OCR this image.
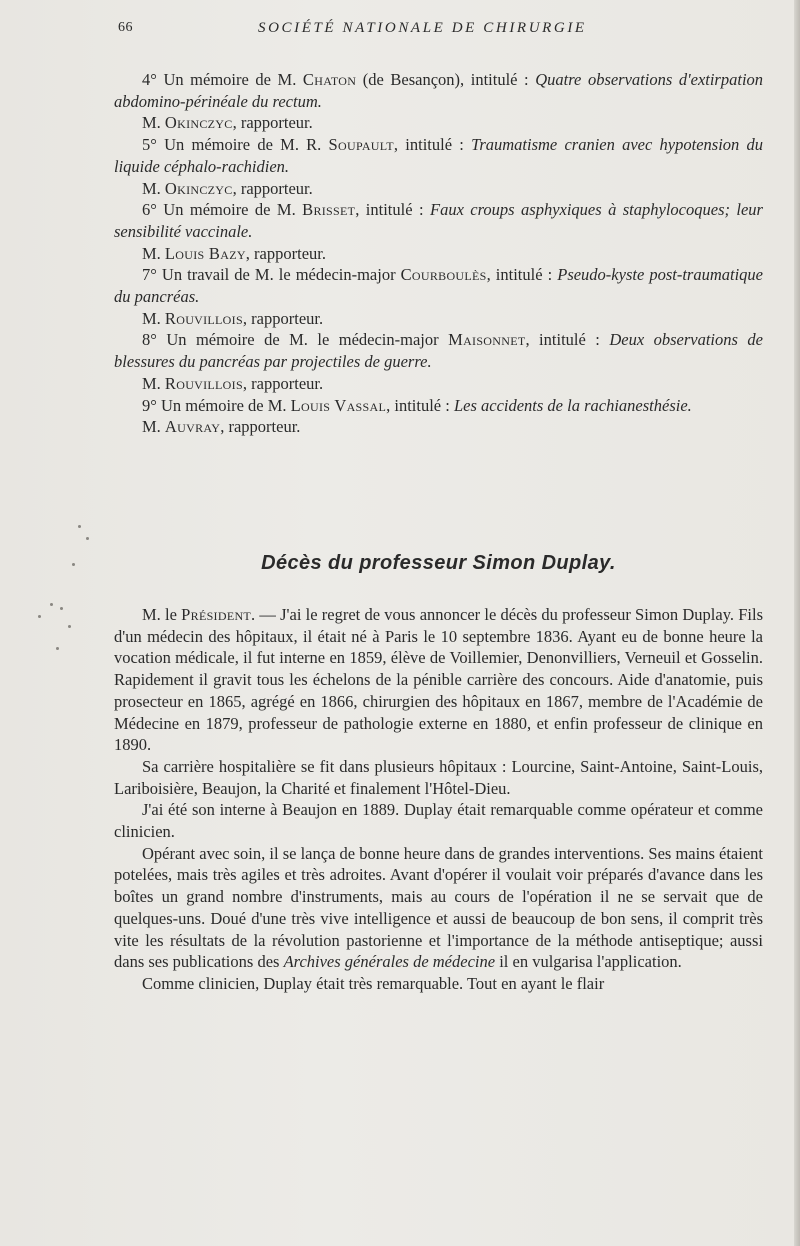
66	SOCIÉTÉ NATIONALE DE CHIRURGIE

4° Un mémoire de M. Chaton (de Besançon), intitulé : Quatre observations d'extirpation abdomino-périnéale du rectum.

M. Okinczyc, rapporteur.

5° Un mémoire de M. R. Soupault, intitulé : Traumatisme cranien avec hypotension du liquide céphalo-rachidien.

M. Okinczyc, rapporteur.

6° Un mémoire de M. Brisset, intitulé : Faux croups asphyxiques à staphylocoques; leur sensibilité vaccinale.

M. Louis Bazy, rapporteur.

7° Un travail de M. le médecin-major Courboulès, intitulé : Pseudo-kyste post-traumatique du pancréas.

M. Rouvillois, rapporteur.

8° Un mémoire de M. le médecin-major Maisonnet, intitulé : Deux observations de blessures du pancréas par projectiles de guerre.

M. Rouvillois, rapporteur.

9° Un mémoire de M. Louis Vassal, intitulé : Les accidents de la rachianesthésie.

M. Auvray, rapporteur.

Décès du professeur Simon Duplay.

M. le Président. — J'ai le regret de vous annoncer le décès du professeur Simon Duplay. Fils d'un médecin des hôpitaux, il était né à Paris le 10 septembre 1836. Ayant eu de bonne heure la vocation médicale, il fut interne en 1859, élève de Voillemier, Denonvilliers, Verneuil et Gosselin. Rapidement il gravit tous les échelons de la pénible carrière des concours. Aide d'anatomie, puis prosecteur en 1865, agrégé en 1866, chirurgien des hôpitaux en 1867, membre de l'Académie de Médecine en 1879, professeur de pathologie externe en 1880, et enfin professeur de clinique en 1890.

Sa carrière hospitalière se fit dans plusieurs hôpitaux : Lourcine, Saint-Antoine, Saint-Louis, Lariboisière, Beaujon, la Charité et finalement l'Hôtel-Dieu.

J'ai été son interne à Beaujon en 1889. Duplay était remarquable comme opérateur et comme clinicien.

Opérant avec soin, il se lança de bonne heure dans de grandes interventions. Ses mains étaient potelées, mais très agiles et très adroites. Avant d'opérer il voulait voir préparés d'avance dans les boîtes un grand nombre d'instruments, mais au cours de l'opération il ne se servait que de quelques-uns. Doué d'une très vive intelligence et aussi de beaucoup de bon sens, il comprit très vite les résultats de la révolution pastorienne et l'importance de la méthode antiseptique; aussi dans ses publications des Archives générales de médecine il en vulgarisa l'application.

Comme clinicien, Duplay était très remarquable. Tout en ayant le flair
